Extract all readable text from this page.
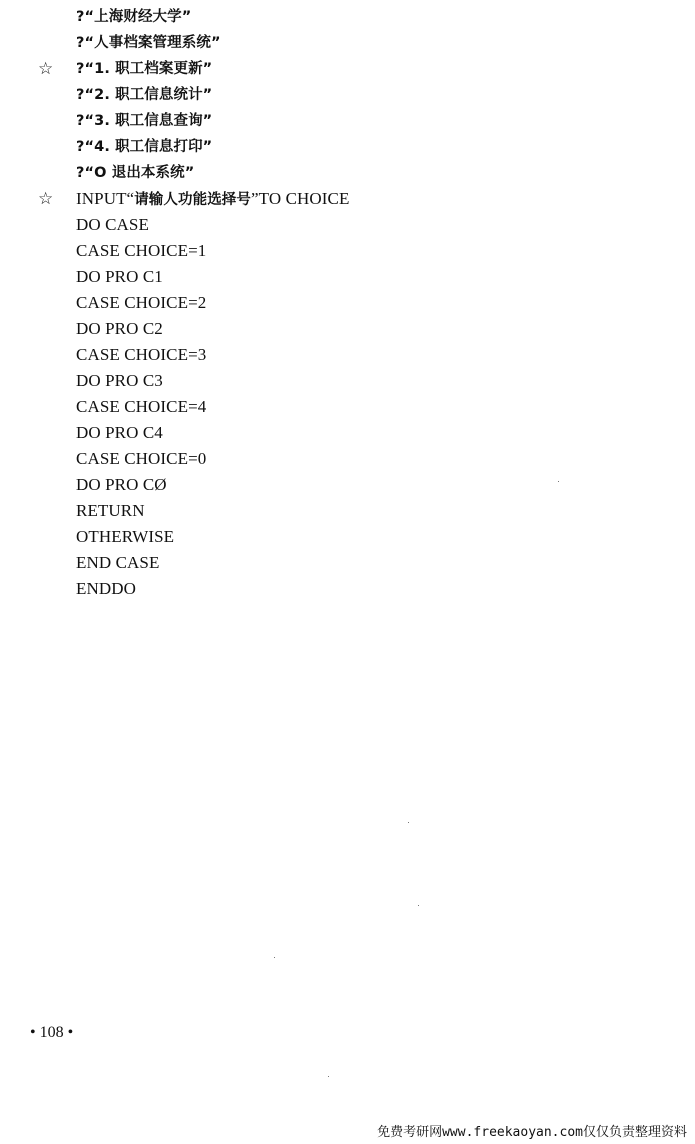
☆
☆
?“上海财经大学”
?“人事档案管理系统”
?“1. 职工档案更新”
?“2. 职工信息统计”
?“3. 职工信息查询”
?“4. 职工信息打印”
?“O 退出本系统”
INPUT“请输人功能选择号”TO CHOICE
DO CASE
CASE CHOICE=1
DO PRO C1
CASE CHOICE=2
DO PRO C2
CASE CHOICE=3
DO PRO C3
CASE CHOICE=4
DO PRO C4
CASE CHOICE=0
DO PRO CØ
RETURN
OTHERWISE
END CASE
ENDDO
• 108 •
免费考研网www.freekaoyan.com仅仅负责整理资料
